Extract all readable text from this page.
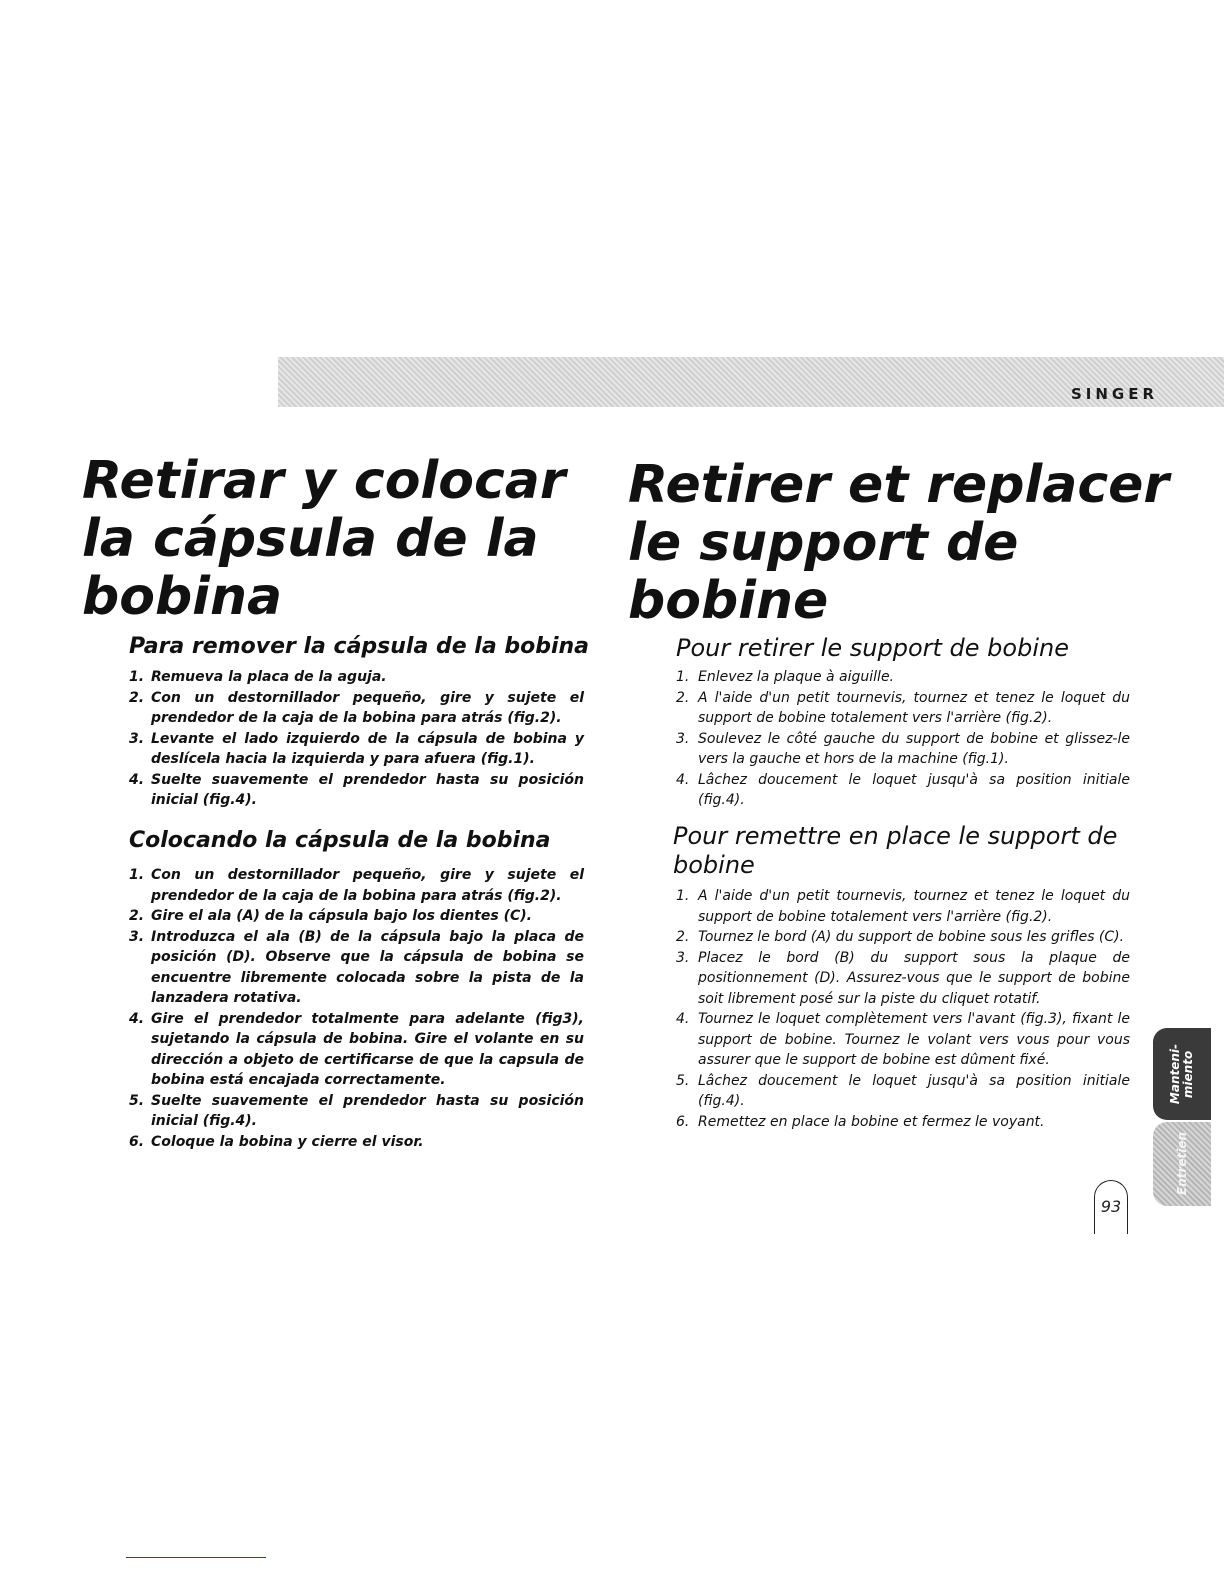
SINGER
Retirar y colocar la cápsula de la bobina
Para remover la cápsula de la bobina
1. Remueva la placa de la aguja.
2. Con un destornillador pequeño, gire y sujete el prendedor de la caja de la bobina para atrás (fig.2).
3. Levante el lado izquierdo de la cápsula de bobina y deslícela hacia la izquierda y para afuera (fig.1).
4. Suelte suavemente el prendedor hasta su posición inicial (fig.4).
Colocando la cápsula de la bobina
1. Con un destornillador pequeño, gire y sujete el prendedor de la caja de la bobina para atrás (fig.2).
2. Gire el ala (A) de la cápsula bajo los dientes (C).
3. Introduzca el ala (B) de la cápsula bajo la placa de posición (D). Observe que la cápsula de bobina se encuentre libremente colocada sobre la pista de la lanzadera rotativa.
4. Gire el prendedor totalmente para adelante (fig3), sujetando la cápsula de bobina. Gire el volante en su dirección a objeto de certificarse de que la capsula de bobina está encajada correctamente.
5. Suelte suavemente el prendedor hasta su posición inicial (fig.4).
6. Coloque la bobina y cierre el visor.
Retirer et replacer le support de bobine
Pour retirer le support de bobine
1. Enlevez la plaque à aiguille.
2. A l'aide d'un petit tournevis, tournez et tenez le loquet du support de bobine totalement vers l'arrière (fig.2).
3. Soulevez le côté gauche du support de bobine et glissez-le vers la gauche et hors de la machine (fig.1).
4. Lâchez doucement le loquet jusqu'à sa position initiale (fig.4).
Pour remettre en place le support de bobine
1. A l'aide d'un petit tournevis, tournez et tenez le loquet du support de bobine totalement vers l'arrière (fig.2).
2. Tournez le bord (A) du support de bobine sous les grifles (C).
3. Placez le bord (B) du support sous la plaque de positionnement (D). Assurez-vous que le support de bobine soit librement posé sur la piste du cliquet rotatif.
4. Tournez le loquet complètement vers l'avant (fig.3), fixant le support de bobine. Tournez le volant vers vous pour vous assurer que le support de bobine est dûment fixé.
5. Lâchez doucement le loquet jusqu'à sa position initiale (fig.4).
6. Remettez en place la bobine et fermez le voyant.
Manteni-
miento
Entretien
93
